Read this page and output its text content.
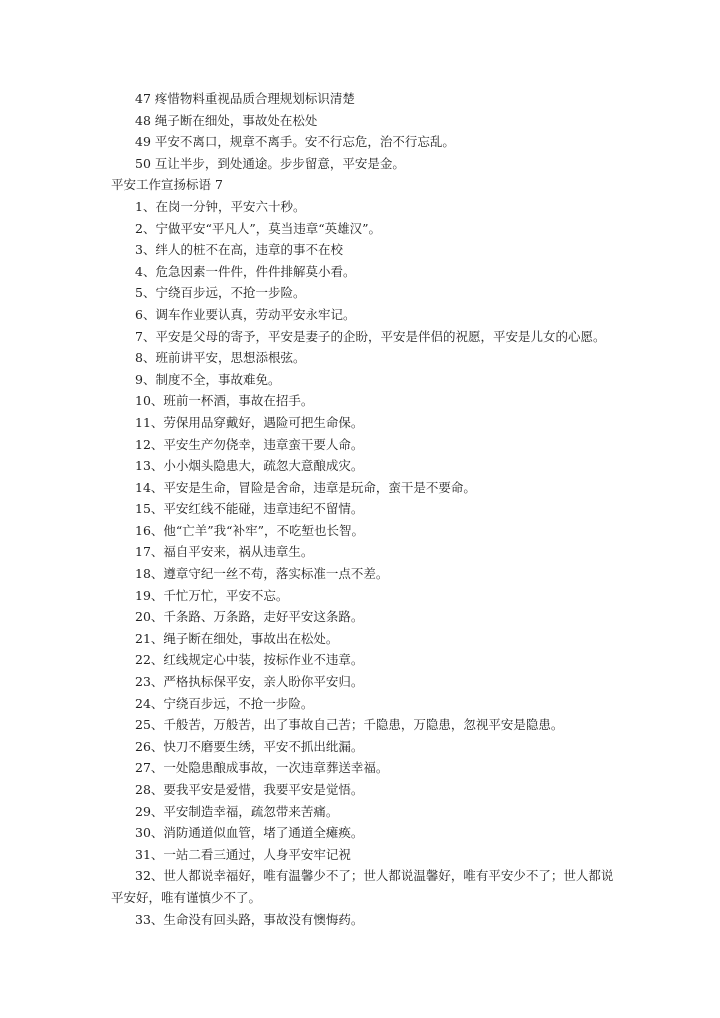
47 疼惜物料重视品质合理规划标识清楚
48 绳子断在细处，事故处在松处
49 平安不离口，规章不离手。安不行忘危，治不行忘乱。
50 互让半步，到处通途。步步留意，平安是金。
平安工作宣扬标语 7
1、在岗一分钟，平安六十秒。
2、宁做平安“平凡人”，莫当违章“英雄汉”。
3、绊人的桩不在高，违章的事不在校
4、危急因素一件件，件件排解莫小看。
5、宁绕百步远，不抢一步险。
6、调车作业要认真，劳动平安永牢记。
7、平安是父母的寄予，平安是妻子的企盼，平安是伴侣的祝愿，平安是儿女的心愿。
8、班前讲平安，思想添根弦。
9、制度不全，事故难免。
10、班前一杯酒，事故在招手。
11、劳保用品穿戴好，遇险可把生命保。
12、平安生产勿侥幸，违章蛮干要人命。
13、小小烟头隐患大，疏忽大意酿成灾。
14、平安是生命，冒险是舍命，违章是玩命，蛮干是不要命。
15、平安红线不能碰，违章违纪不留情。
16、他“亡羊”我“补牢”，不吃堑也长智。
17、福自平安来，祸从违章生。
18、遵章守纪一丝不苟，落实标准一点不差。
19、千忙万忙，平安不忘。
20、千条路、万条路，走好平安这条路。
21、绳子断在细处，事故出在松处。
22、红线规定心中装，按标作业不违章。
23、严格执标保平安，亲人盼你平安归。
24、宁绕百步远，不抢一步险。
25、千般苦，万般苦，出了事故自己苦；千隐患，万隐患，忽视平安是隐患。
26、快刀不磨要生绣，平安不抓出纰漏。
27、一处隐患酿成事故，一次违章葬送幸福。
28、要我平安是爱惜，我要平安是觉悟。
29、平安制造幸福，疏忽带来苦痛。
30、消防通道似血管，堵了通道全瘫痪。
31、一站二看三通过，人身平安牢记祝
32、世人都说幸福好，唯有温馨少不了；世人都说温馨好，唯有平安少不了；世人都说
平安好，唯有谨慎少不了。
33、生命没有回头路，事故没有懊悔药。
